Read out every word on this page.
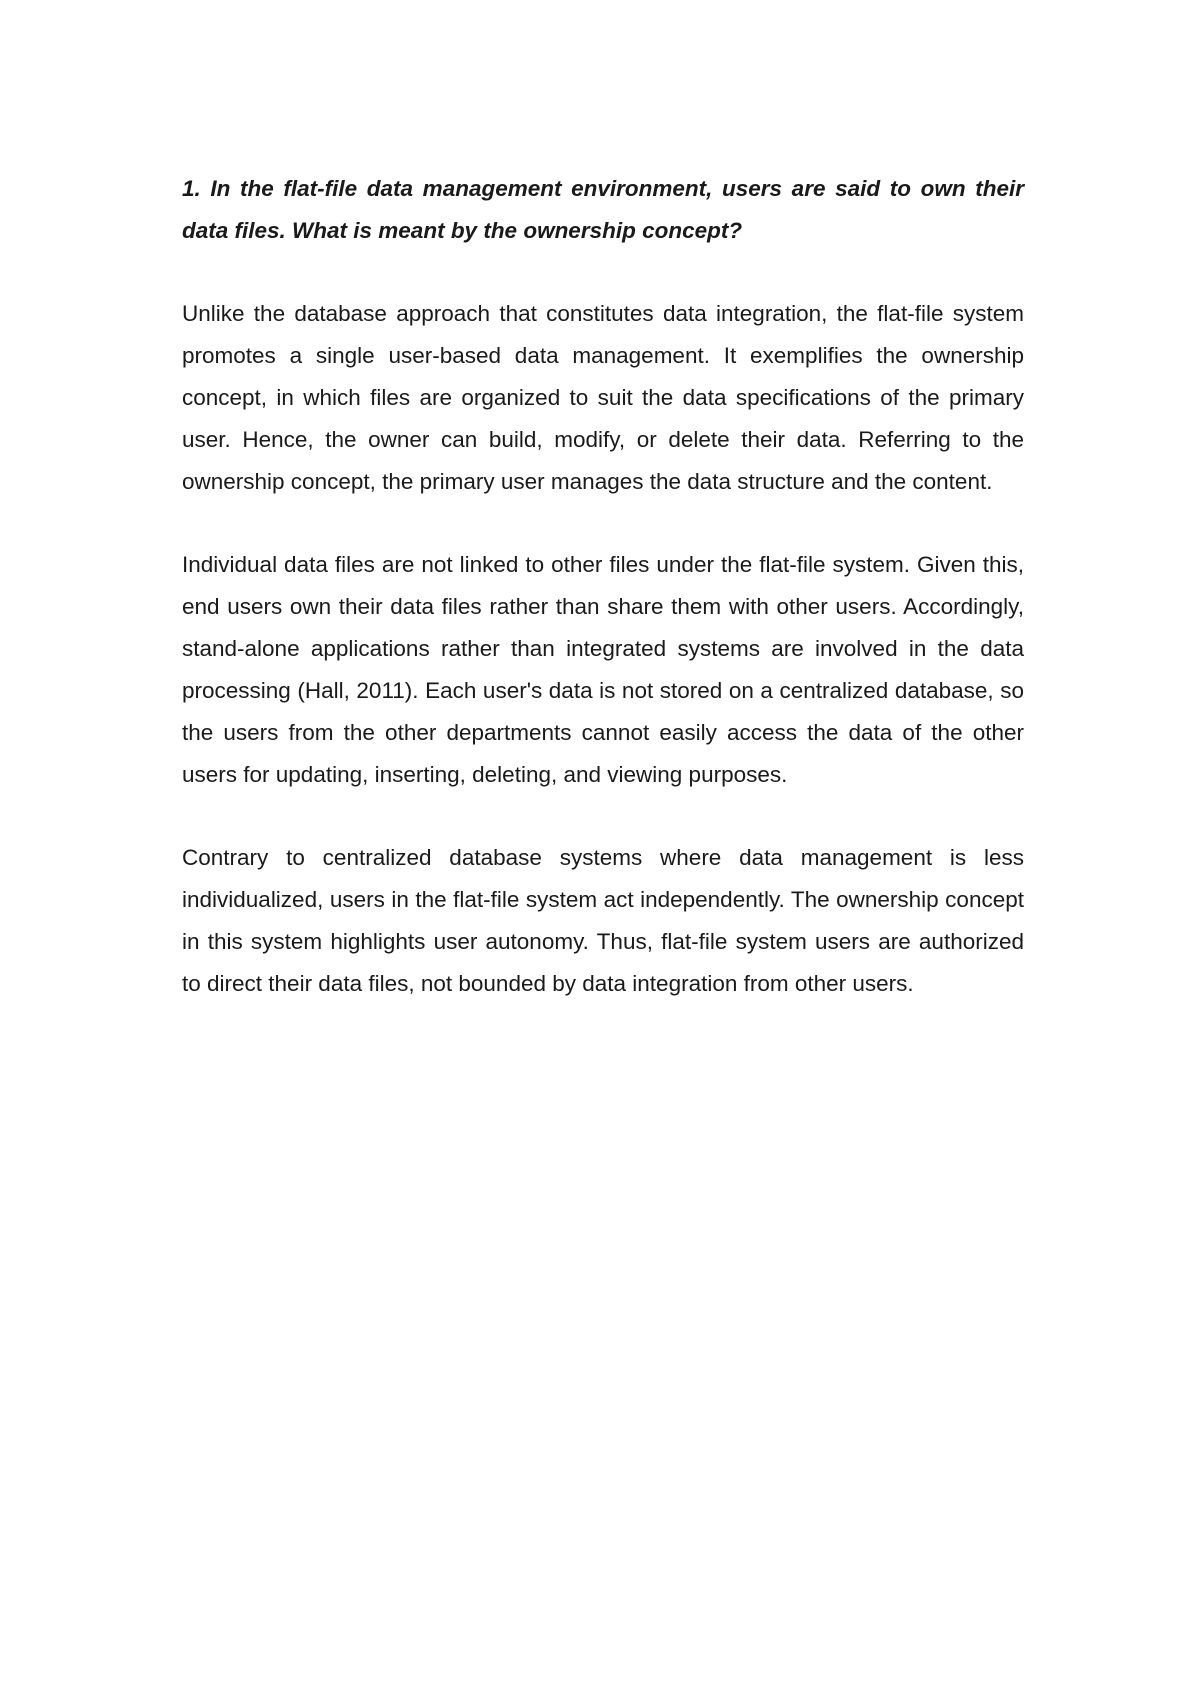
1. In the flat-file data management environment, users are said to own their data files. What is meant by the ownership concept?

Unlike the database approach that constitutes data integration, the flat-file system promotes a single user-based data management. It exemplifies the ownership concept, in which files are organized to suit the data specifications of the primary user. Hence, the owner can build, modify, or delete their data. Referring to the ownership concept, the primary user manages the data structure and the content.

Individual data files are not linked to other files under the flat-file system. Given this, end users own their data files rather than share them with other users. Accordingly, stand-alone applications rather than integrated systems are involved in the data processing (Hall, 2011). Each user's data is not stored on a centralized database, so the users from the other departments cannot easily access the data of the other users for updating, inserting, deleting, and viewing purposes.

Contrary to centralized database systems where data management is less individualized, users in the flat-file system act independently. The ownership concept in this system highlights user autonomy. Thus, flat-file system users are authorized to direct their data files, not bounded by data integration from other users.
